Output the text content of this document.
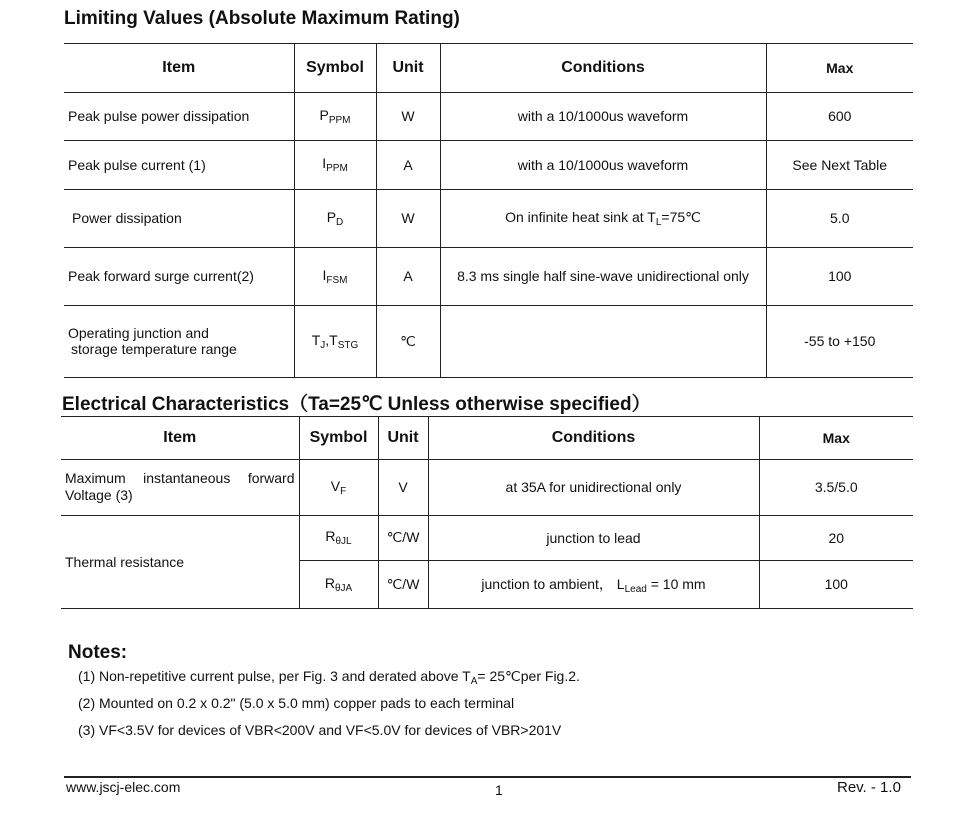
Limiting Values (Absolute Maximum Rating)
Item	Symbol	Unit	Conditions	Max
Peak pulse power dissipation	$P_{PPM}$	W	with a 10/1000us waveform	600
Peak pulse current (1)	$I_{PPM}$	A	with a 10/1000us waveform	See Next Table
Power dissipation	$P_D$	W	On infinite heat sink at $T_L=75℃$	5.0
Peak forward surge current(2)	$I_{FSM}$	A	8.3 ms single half sine-wave unidirectional only	100

Operating junction and
storage temperature range	$T_J,T_{STG}$	℃		-55 to +150
Electrical Characteristics（Ta=25℃ Unless otherwise specified）
Item	Symbol	Unit	Conditions	Max
Maximum instantaneous forward Voltage (3)	$V_F$	V	at 35A for unidirectional only	3.5/5.0
Thermal resistance	$R_{\theta JL}$	℃/W	junction to lead	20
	$R_{\theta JA}$	℃/W	junction to ambient， $L_{Lead} = 10$ mm	100
Notes:
(1) Non-repetitive current pulse, per Fig. 3 and derated above $T_A=$ 25℃per Fig.2.
(2) Mounted on 0.2 x 0.2" (5.0 x 5.0 mm) copper pads to each terminal
(3) VF<3.5V for devices of VBR<200V and VF<5.0V for devices of VBR>201V
www.jscj-elec.com	1	Rev. - 1.0
